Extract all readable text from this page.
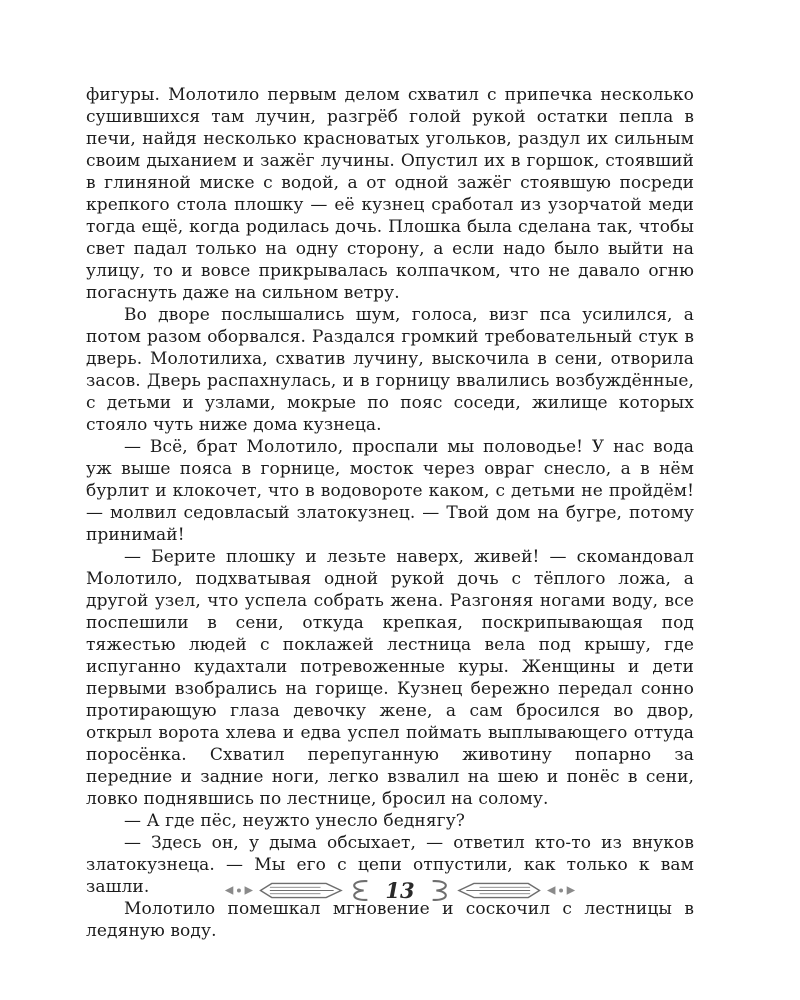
фигуры. Молотило первым делом схватил с припечка несколько сушившихся там лучин, разгрёб голой рукой остатки пепла в печи, найдя несколько красноватых угольков, раздул их сильным своим дыханием и зажёг лучины. Опустил их в горшок, стоявший в глиняной миске с водой, а от одной зажёг стоявшую посреди крепкого стола плошку — её кузнец сработал из узорчатой меди тогда ещё, когда родилась дочь. Плошка была сделана так, чтобы свет падал только на одну сторону, а если надо было выйти на улицу, то и вовсе прикрывалась колпачком, что не давало огню погаснуть даже на сильном ветру.

Во дворе послышались шум, голоса, визг пса усилился, а потом разом оборвался. Раздался громкий требовательный стук в дверь. Молотилиха, схватив лучину, выскочила в сени, отворила засов. Дверь распахнулась, и в горницу ввалились возбуждённые, с детьми и узлами, мокрые по пояс соседи, жилище которых стояло чуть ниже дома кузнеца.

— Всё, брат Молотило, проспали мы половодье! У нас вода уж выше пояса в горнице, мосток через овраг снесло, а в нём бурлит и клокочет, что в водовороте каком, с детьми не пройдём! — молвил седовласый златокузнец. — Твой дом на бугре, потому принимай!

— Берите плошку и лезьте наверх, живей! — скомандовал Молотило, подхватывая одной рукой дочь с тёплого ложа, а другой узел, что успела собрать жена. Разгоняя ногами воду, все поспешили в сени, откуда крепкая, поскрипывающая под тяжестью людей с поклажей лестница вела под крышу, где испуганно кудахтали потревоженные куры. Женщины и дети первыми взобрались на горище. Кузнец бережно передал сонно протирающую глаза девочку жене, а сам бросился во двор, открыл ворота хлева и едва успел поймать выплывающего оттуда поросёнка. Схватил перепуганную животину попарно за передние и задние ноги, легко взвалил на шею и понёс в сени, ловко поднявшись по лестнице, бросил на солому.

— А где пёс, неужто унесло беднягу?

— Здесь он, у дыма обсыхает, — ответил кто-то из внуков златокузнеца. — Мы его с цепи отпустили, как только к вам зашли.

Молотило помешкал мгновение и соскочил с лестницы в ледяную воду.

13
